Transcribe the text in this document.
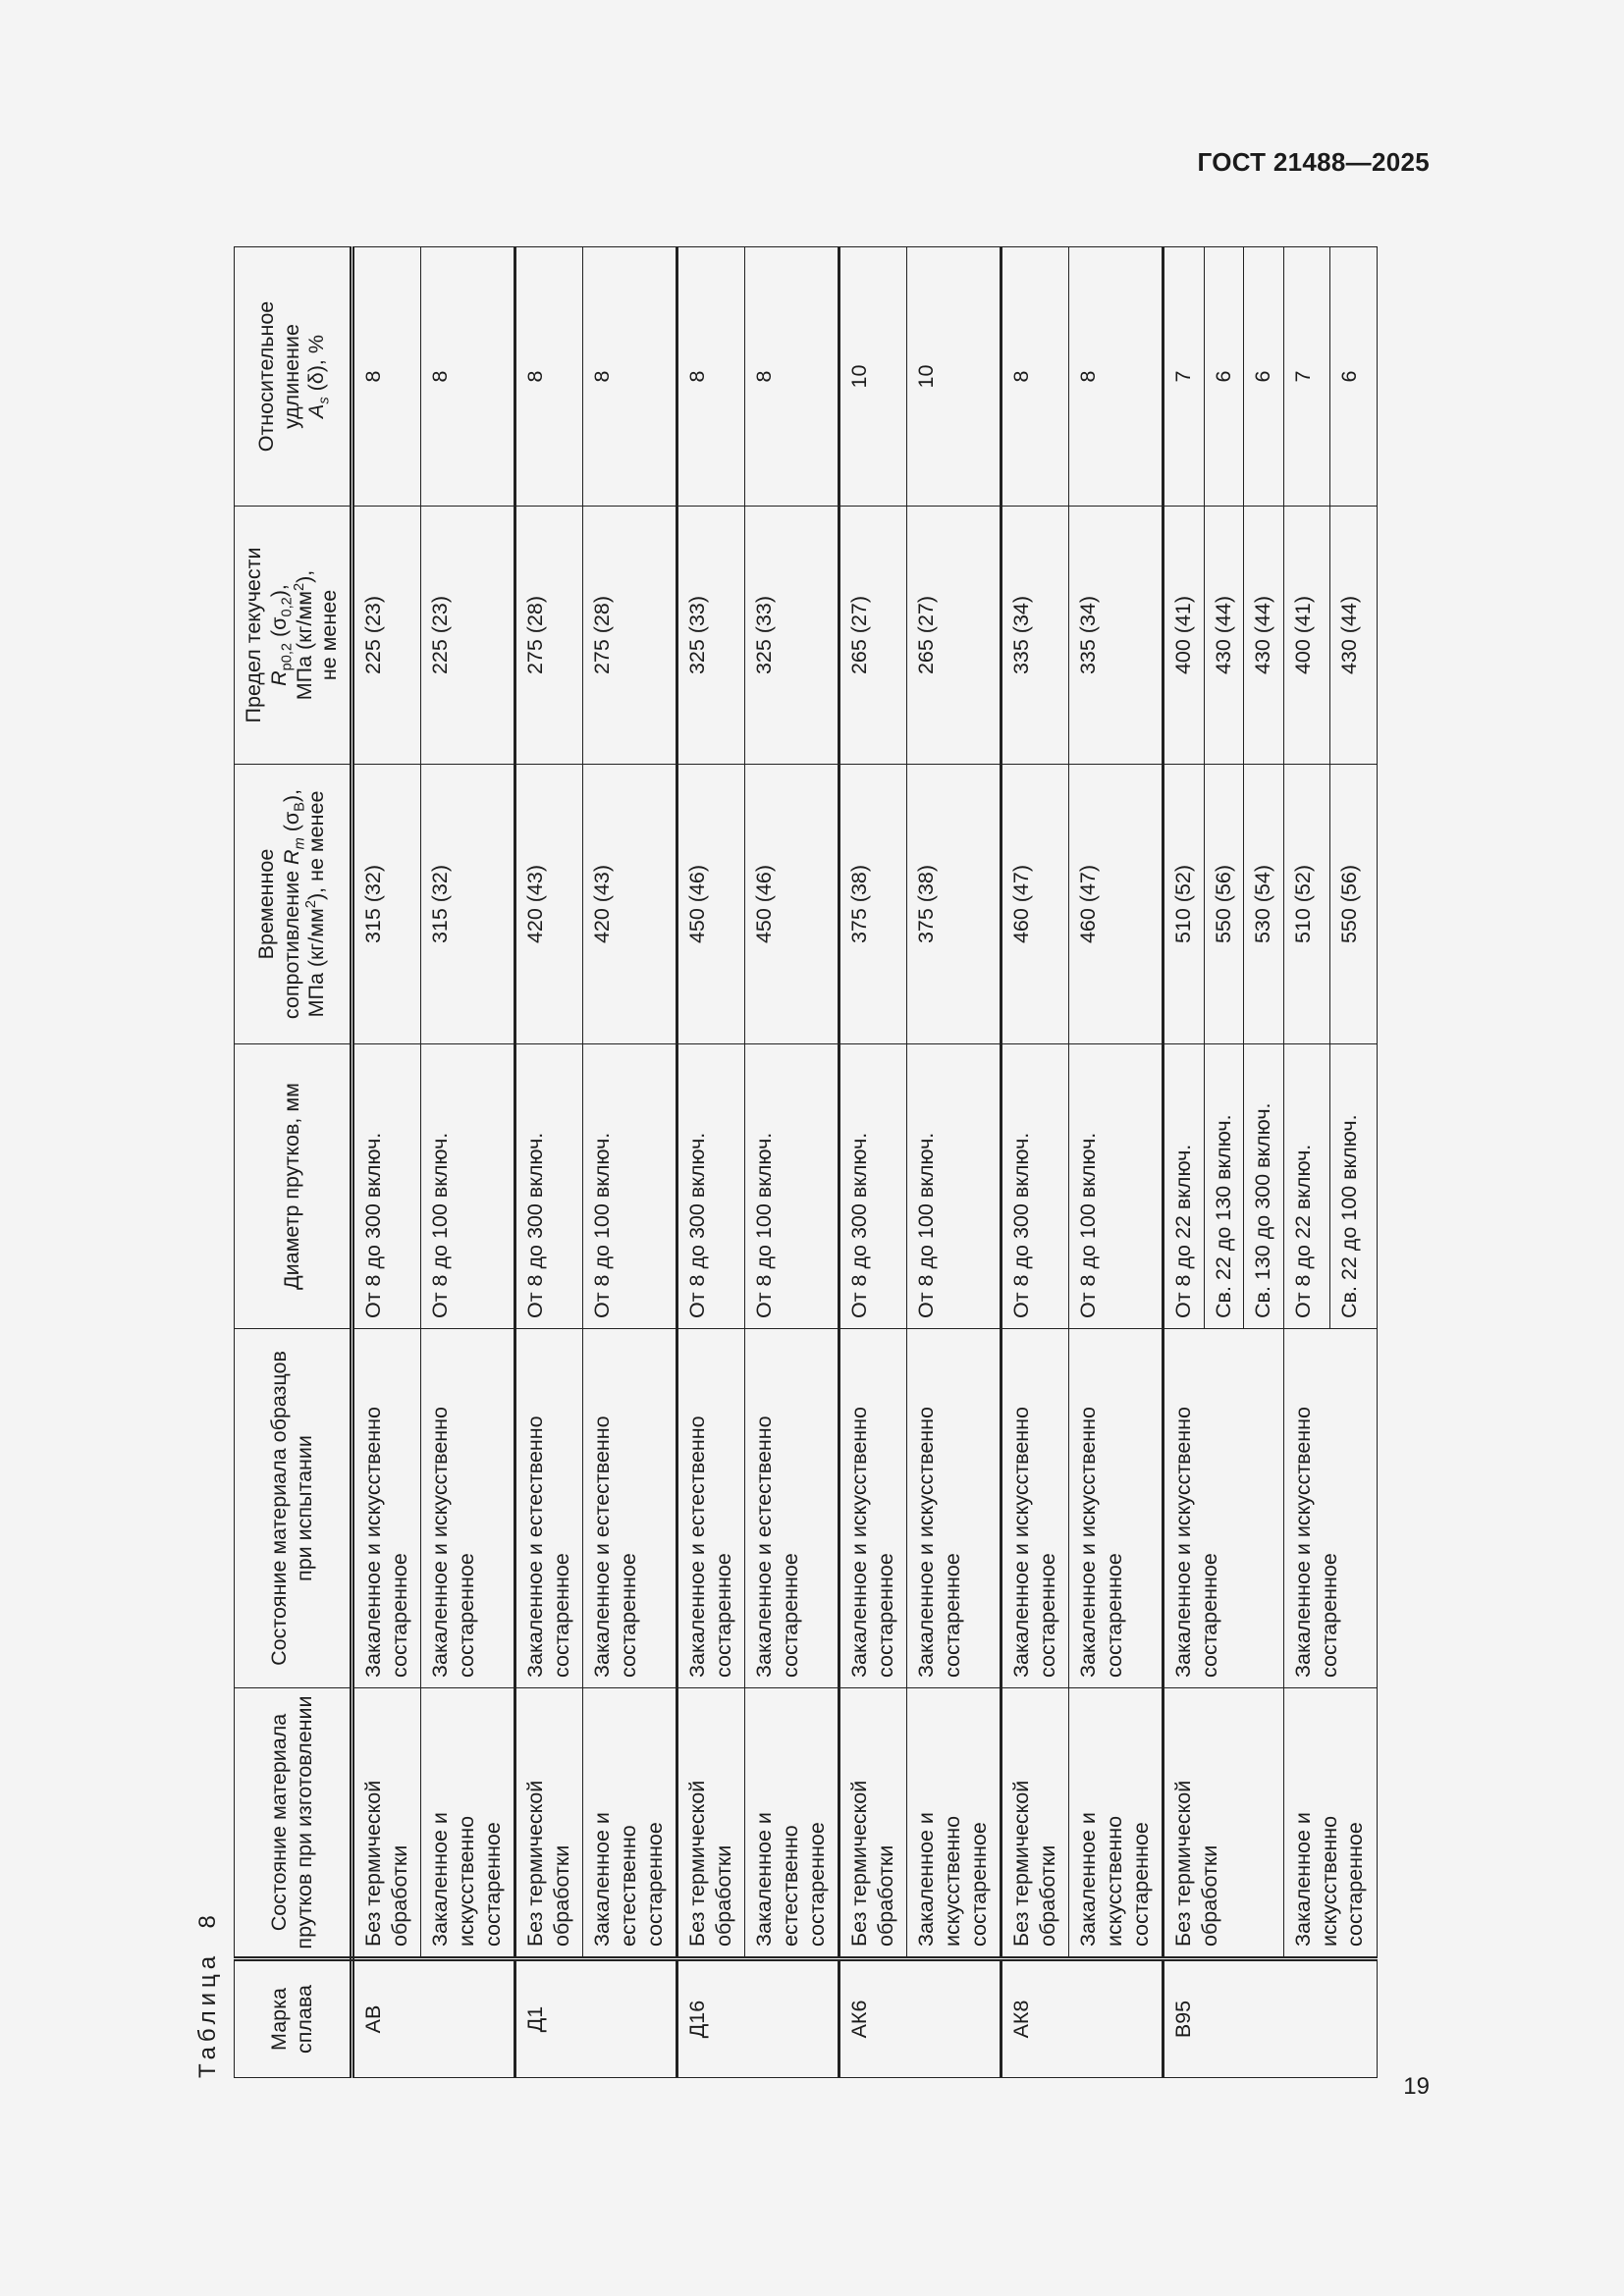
ГОСТ 21488—2025
Таблица  8
Марка сплава	Состояние материала прутков при изготовлении	Состояние материала образцов при испытании	Диаметр прутков, мм	Временное
сопротивление $R_m$ $(\sigma_В)$,
МПа $(кг/мм^2)$, не менее	Предел текучести
$R_{p0,2}$ $(\sigma_{0,2})$,
МПа $(кг/мм^2)$,
не менее	Относительное
удлинение
$A_s$ (δ), %
АВ	Без термической обработки	Закаленное и искусственно состаренное	От 8 до 300 включ.	315 (32)	225 (23)	8
	Закаленное и искусственно состаренное	Закаленное и искусственно состаренное	От 8 до 100 включ.	315 (32)	225 (23)	8
Д1	Без термической обработки	Закаленное и естественно состаренное	От 8 до 300 включ.	420 (43)	275 (28)	8
	Закаленное и естественно состаренное	Закаленное и естественно состаренное	От 8 до 100 включ.	420 (43)	275 (28)	8
Д16	Без термической обработки	Закаленное и естественно состаренное	От 8 до 300 включ.	450 (46)	325 (33)	8
	Закаленное и естественно состаренное	Закаленное и естественно состаренное	От 8 до 100 включ.	450 (46)	325 (33)	8
АК6	Без термической обработки	Закаленное и искусственно состаренное	От 8 до 300 включ.	375 (38)	265 (27)	10
	Закаленное и искусственно состаренное	Закаленное и искусственно состаренное	От 8 до 100 включ.	375 (38)	265 (27)	10
АК8	Без термической обработки	Закаленное и искусственно состаренное	От 8 до 300 включ.	460 (47)	335 (34)	8
	Закаленное и искусственно состаренное	Закаленное и искусственно состаренное	От 8 до 100 включ.	460 (47)	335 (34)	8
В95	Без термической обработки	Закаленное и искусственно состаренное	От 8 до 22 включ.	510 (52)	400 (41)	7
			Св. 22 до 130 включ.	550 (56)	430 (44)	6
			Св. 130 до 300 включ.	530 (54)	430 (44)	6
	Закаленное и искусственно состаренное	Закаленное и искусственно состаренное	От 8 до 22 включ.	510 (52)	400 (41)	7
			Св. 22 до 100 включ.	550 (56)	430 (44)	6
19
